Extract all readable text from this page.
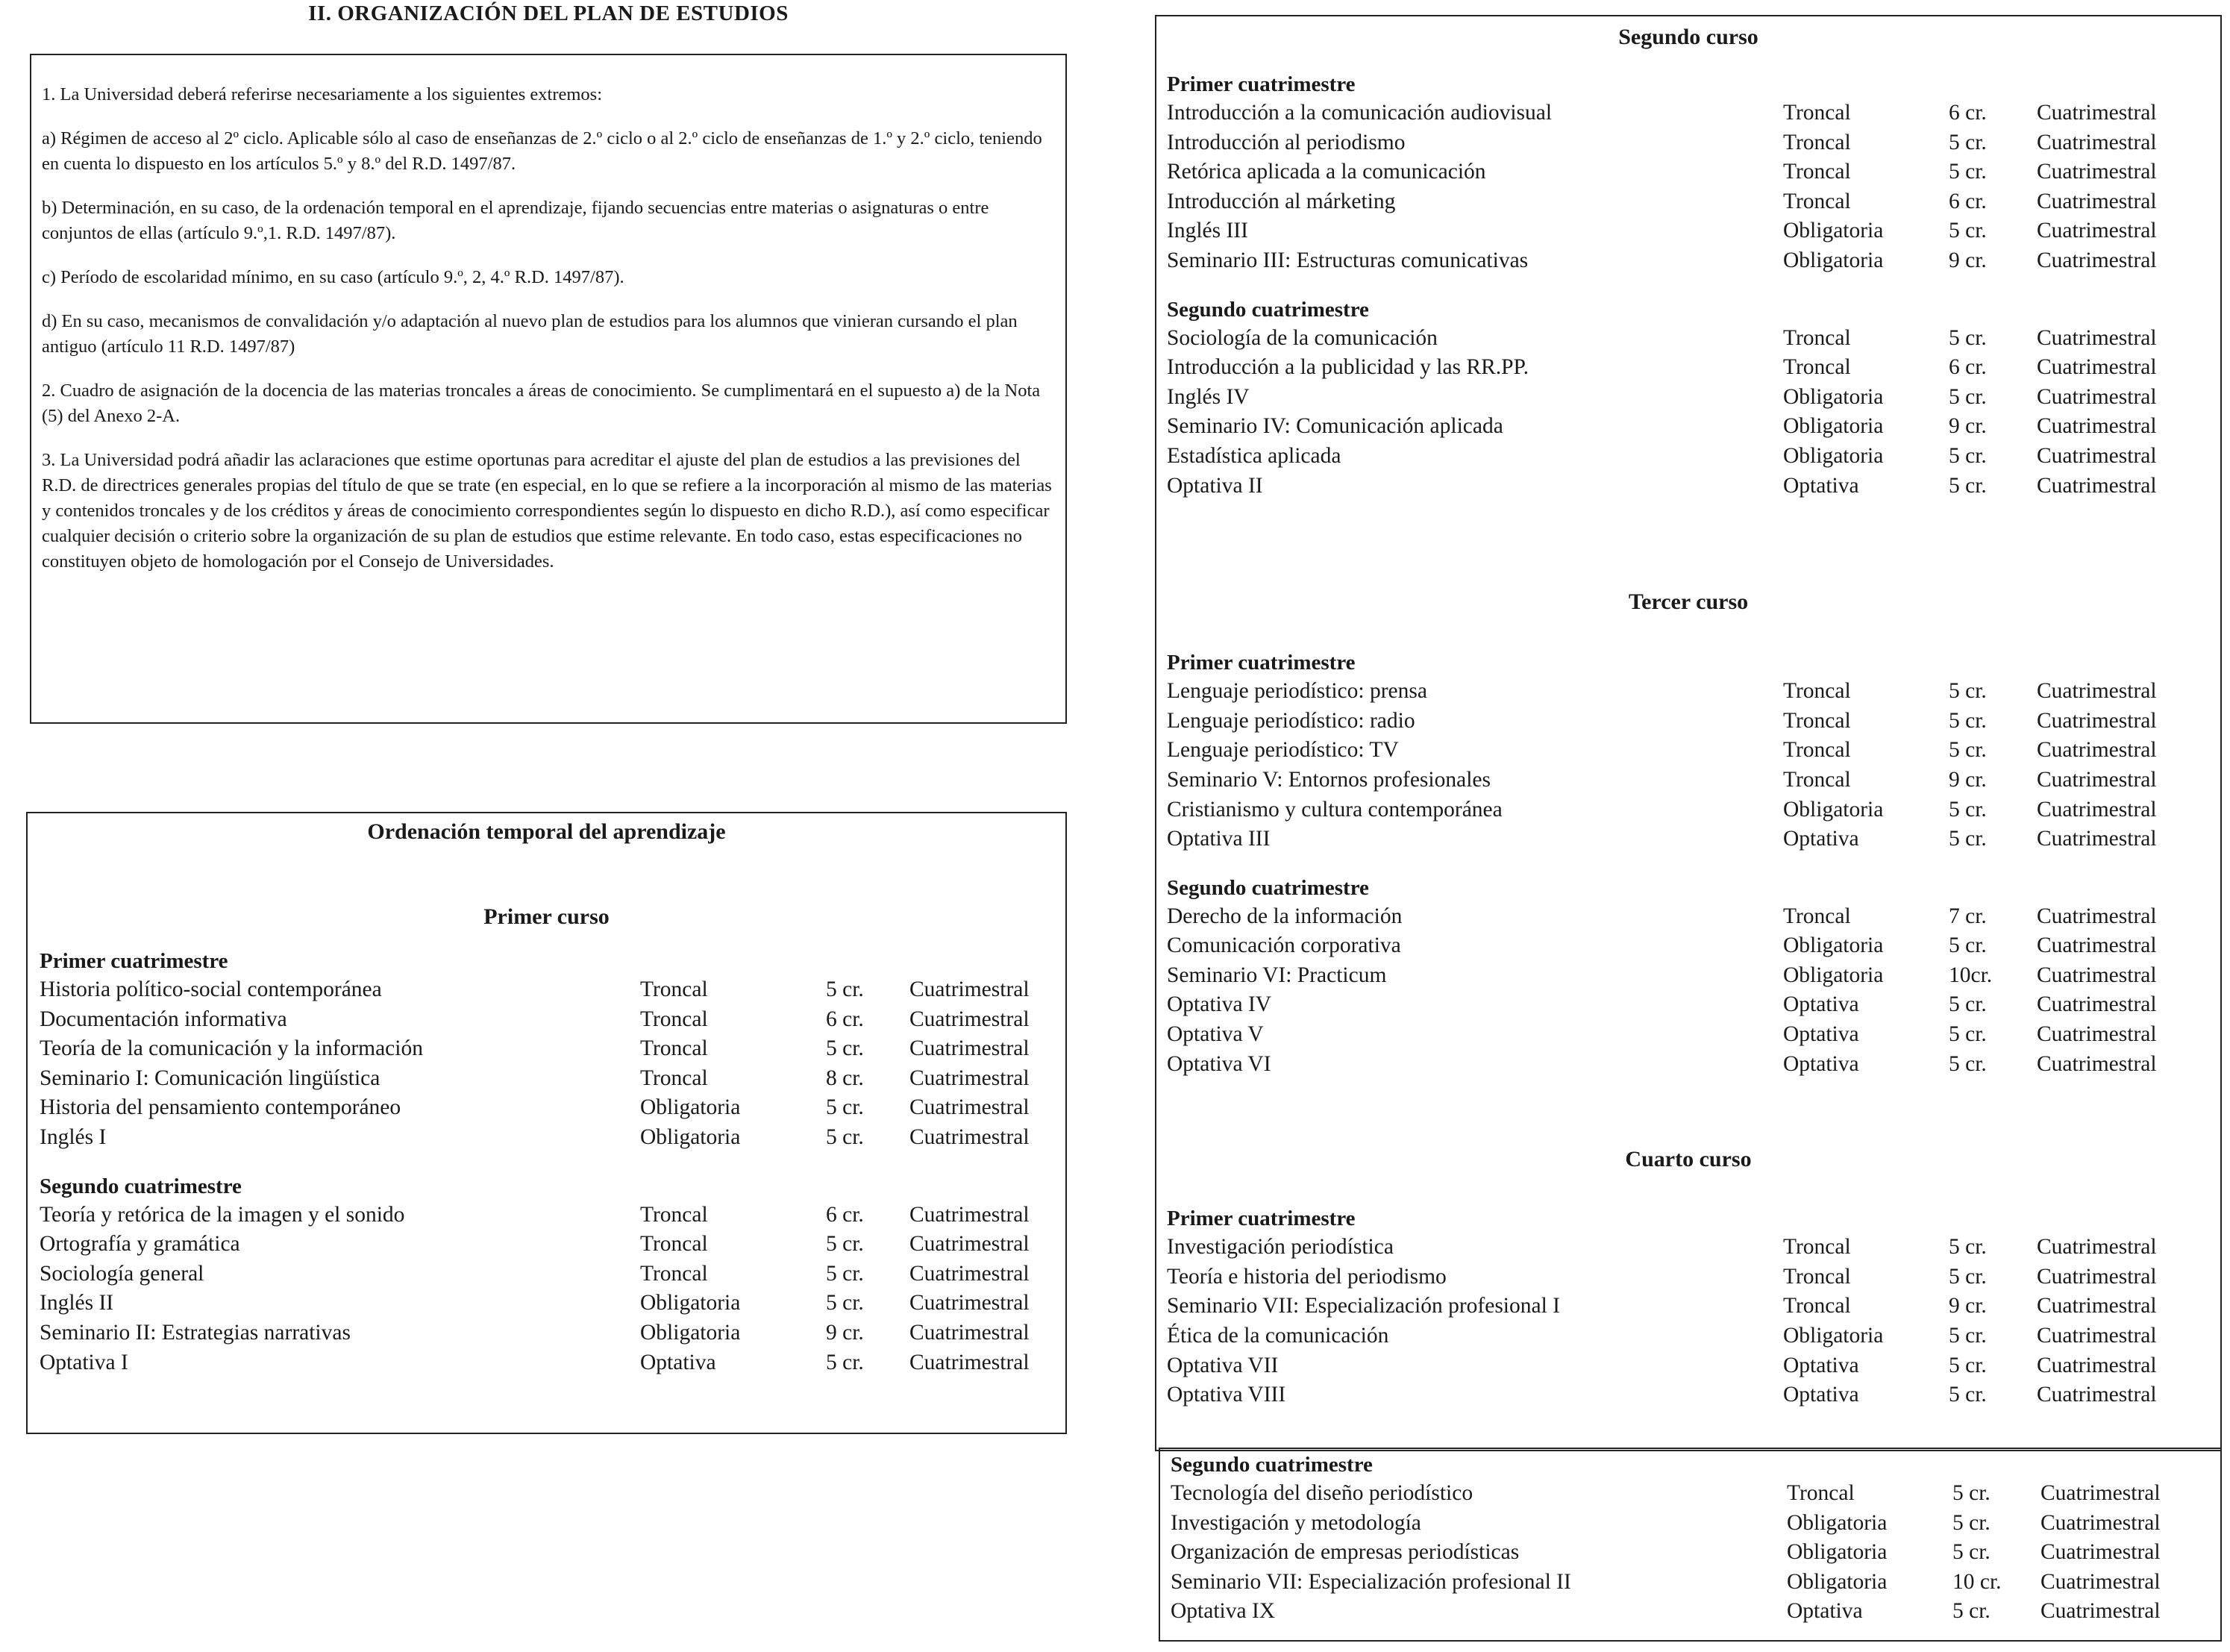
II. ORGANIZACIÓN DEL PLAN DE ESTUDIOS

1. La Universidad deberá referirse necesariamente a los siguientes extremos:

a) Régimen de acceso al 2º ciclo. Aplicable sólo al caso de enseñanzas de 2.º ciclo o al 2.º ciclo de enseñanzas de 1.º y 2.º ciclo, teniendo en cuenta lo dispuesto en los artículos 5.º y 8.º del R.D. 1497/87.

b) Determinación, en su caso, de la ordenación temporal en el aprendizaje, fijando secuencias entre materias o asignaturas o entre conjuntos de ellas (artículo 9.º,1. R.D. 1497/87).

c) Período de escolaridad mínimo, en su caso (artículo 9.º, 2, 4.º R.D. 1497/87).

d) En su caso, mecanismos de convalidación y/o adaptación al nuevo plan de estudios para los alumnos que vinieran cursando el plan antiguo (artículo 11 R.D. 1497/87)

2. Cuadro de asignación de la docencia de las materias troncales a áreas de conocimiento. Se cumplimentará en el supuesto a) de la Nota (5) del Anexo 2-A.

3. La Universidad podrá añadir las aclaraciones que estime oportunas para acreditar el ajuste del plan de estudios a las previsiones del R.D. de directrices generales propias del título de que se trate (en especial, en lo que se refiere a la incorporación al mismo de las materias y contenidos troncales y de los créditos y áreas de conocimiento correspondientes según lo dispuesto en dicho R.D.), así como especificar cualquier decisión o criterio sobre la organización de su plan de estudios que estime relevante. En todo caso, estas especificaciones no constituyen objeto de homologación por el Consejo de Universidades.

Ordenación temporal del aprendizaje
Primer curso
Primer cuatrimestre
Historia político-social contemporánea	Troncal	5 cr. Cuatrimestral
Documentación informativa	Troncal	6 cr. Cuatrimestral
Teoría de la comunicación y la información	Troncal	5 cr. Cuatrimestral
Seminario I: Comunicación lingüística	Troncal	8 cr. Cuatrimestral
Historia del pensamiento contemporáneo	Obligatoria	5 cr. Cuatrimestral
Inglés I	Obligatoria	5 cr. Cuatrimestral
Segundo cuatrimestre
Teoría y retórica de la imagen y el sonido	Troncal	6 cr. Cuatrimestral
Ortografía y gramática	Troncal	5 cr. Cuatrimestral
Sociología general	Troncal	5 cr. Cuatrimestral
Inglés II	Obligatoria	5 cr. Cuatrimestral
Seminario II: Estrategias narrativas	Obligatoria	9 cr. Cuatrimestral
Optativa I	Optativa	5 cr. Cuatrimestral
Segundo curso
Primer cuatrimestre
Introducción a la comunicación audiovisual	Troncal	6 cr. Cuatrimestral
Introducción al periodismo	Troncal	5 cr. Cuatrimestral
Retórica aplicada a la comunicación	Troncal	5 cr. Cuatrimestral
Introducción al márketing	Troncal	6 cr. Cuatrimestral
Inglés III	Obligatoria	5 cr. Cuatrimestral
Seminario III: Estructuras comunicativas	Obligatoria	9 cr. Cuatrimestral
Segundo cuatrimestre
Sociología de la comunicación	Troncal	5 cr. Cuatrimestral
Introducción a la publicidad y las RR.PP.	Troncal	6 cr. Cuatrimestral
Inglés IV	Obligatoria	5 cr. Cuatrimestral
Seminario IV: Comunicación aplicada	Obligatoria	9 cr. Cuatrimestral
Estadística aplicada	Obligatoria	5 cr. Cuatrimestral
Optativa II	Optativa	5 cr. Cuatrimestral
Tercer curso
Primer cuatrimestre
Lenguaje periodístico: prensa	Troncal	5 cr. Cuatrimestral
Lenguaje periodístico: radio	Troncal	5 cr. Cuatrimestral
Lenguaje periodístico: TV	Troncal	5 cr. Cuatrimestral
Seminario V: Entornos profesionales	Troncal	9 cr. Cuatrimestral
Cristianismo y cultura contemporánea	Obligatoria	5 cr. Cuatrimestral
Optativa III	Optativa	5 cr. Cuatrimestral
Segundo cuatrimestre
Derecho de la información	Troncal	7 cr. Cuatrimestral
Comunicación corporativa	Obligatoria	5 cr. Cuatrimestral
Seminario VI: Practicum	Obligatoria	10cr. Cuatrimestral
Optativa IV	Optativa	5 cr. Cuatrimestral
Optativa V	Optativa	5 cr. Cuatrimestral
Optativa VI	Optativa	5 cr. Cuatrimestral
Cuarto curso
Primer cuatrimestre
Investigación periodística	Troncal	5 cr. Cuatrimestral
Teoría e historia del periodismo	Troncal	5 cr. Cuatrimestral
Seminario VII: Especialización profesional I	Troncal	9 cr. Cuatrimestral
Ética de la comunicación	Obligatoria	5 cr. Cuatrimestral
Optativa VII	Optativa	5 cr. Cuatrimestral
Optativa VIII	Optativa	5 cr. Cuatrimestral
Segundo cuatrimestre
Tecnología del diseño periodístico	Troncal	5 cr. Cuatrimestral
Investigación y metodología	Obligatoria	5 cr. Cuatrimestral
Organización de empresas periodísticas	Obligatoria	5 cr. Cuatrimestral
Seminario VII: Especialización profesional II	Obligatoria	10 cr. Cuatrimestral
Optativa IX	Optativa	5 cr. Cuatrimestral
